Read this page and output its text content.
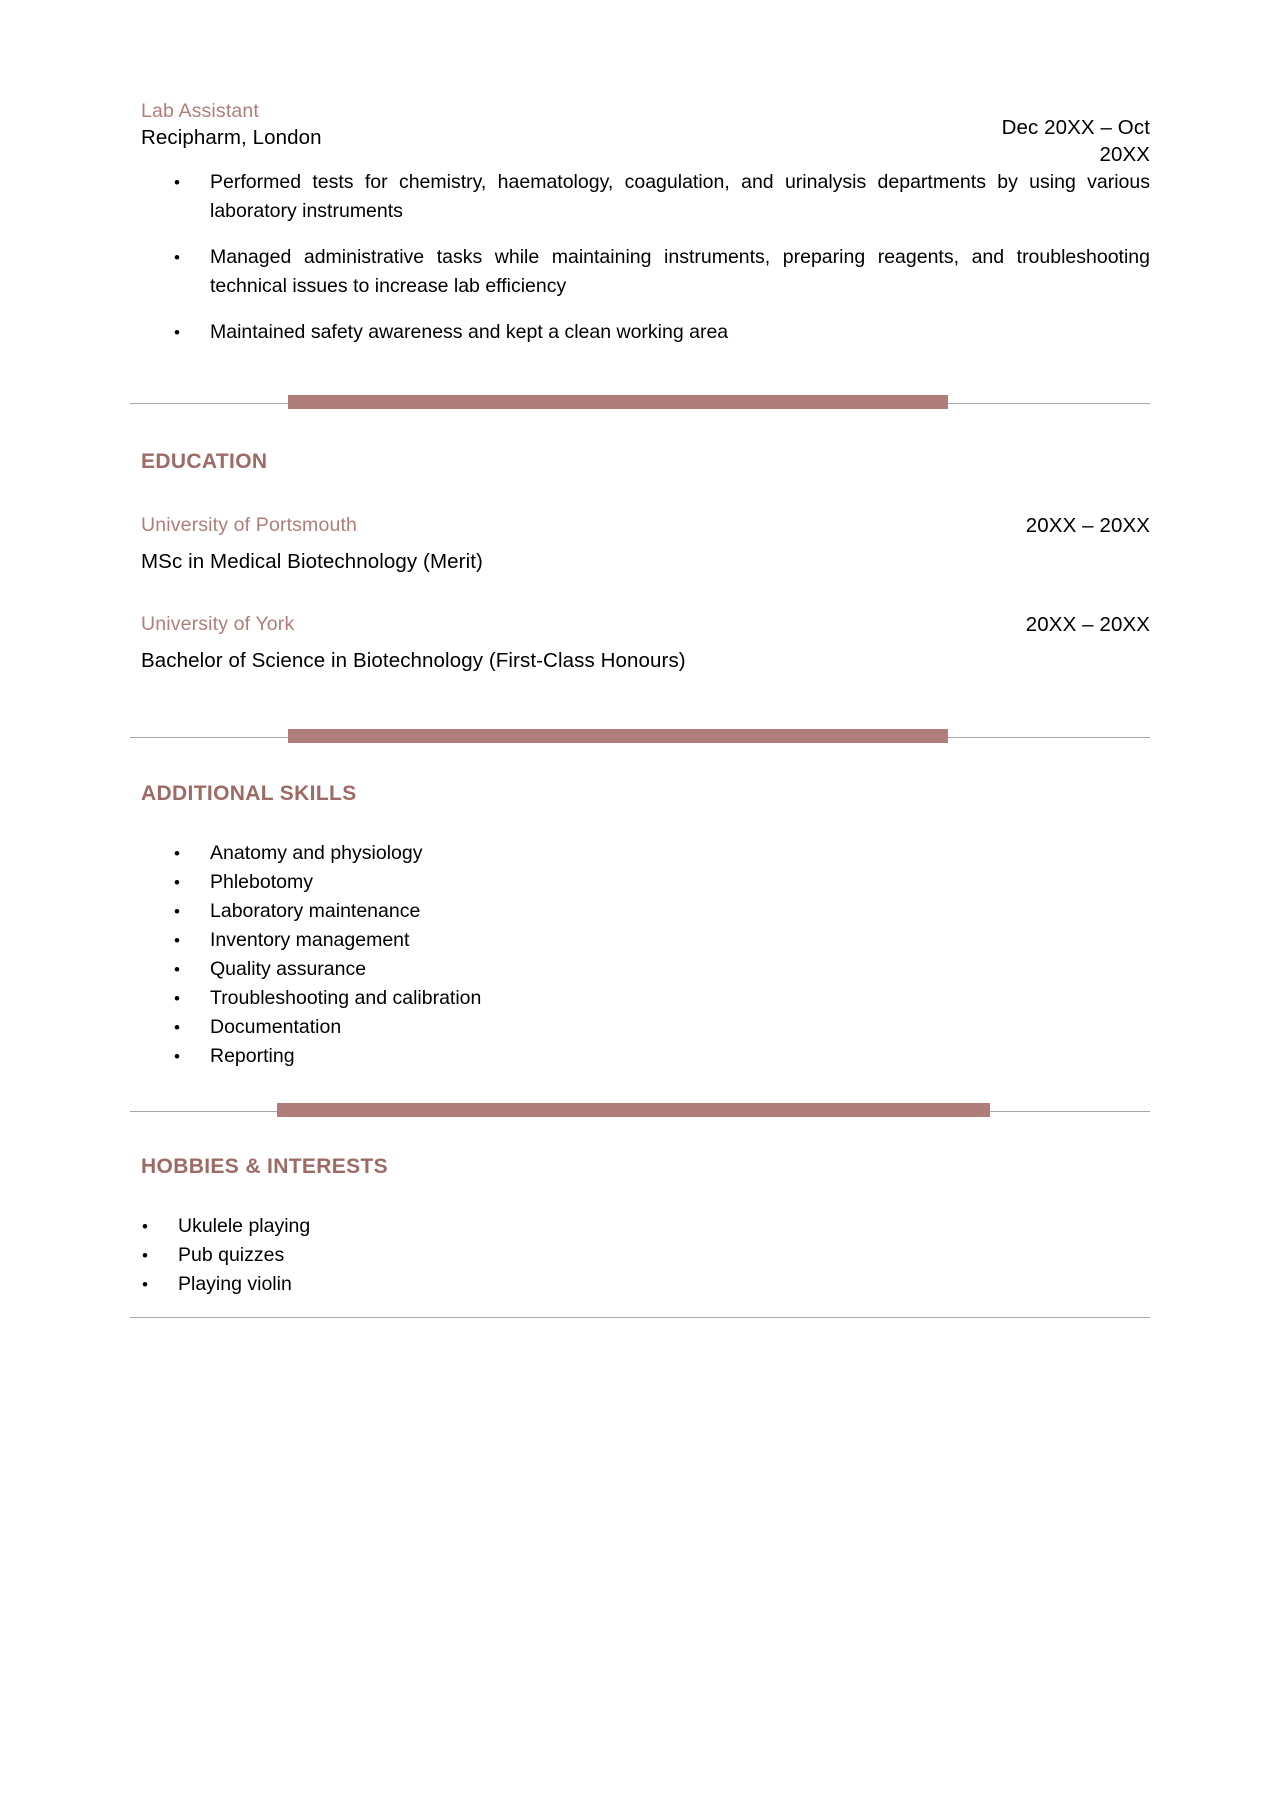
Lab Assistant
Recipharm, London	Dec 20XX – Oct 20XX
• Performed tests for chemistry, haematology, coagulation, and urinalysis departments by using various laboratory instruments
• Managed administrative tasks while maintaining instruments, preparing reagents, and troubleshooting technical issues to increase lab efficiency
• Maintained safety awareness and kept a clean working area
EDUCATION
University of Portsmouth
MSc in Medical Biotechnology (Merit)
20XX – 20XX
University of York
Bachelor of Science in Biotechnology (First-Class Honours)
20XX – 20XX
ADDITIONAL SKILLS
• Anatomy and physiology
• Phlebotomy
• Laboratory maintenance
• Inventory management
• Quality assurance
• Troubleshooting and calibration
• Documentation
• Reporting
HOBBIES & INTERESTS
• Ukulele playing
• Pub quizzes
• Playing violin
